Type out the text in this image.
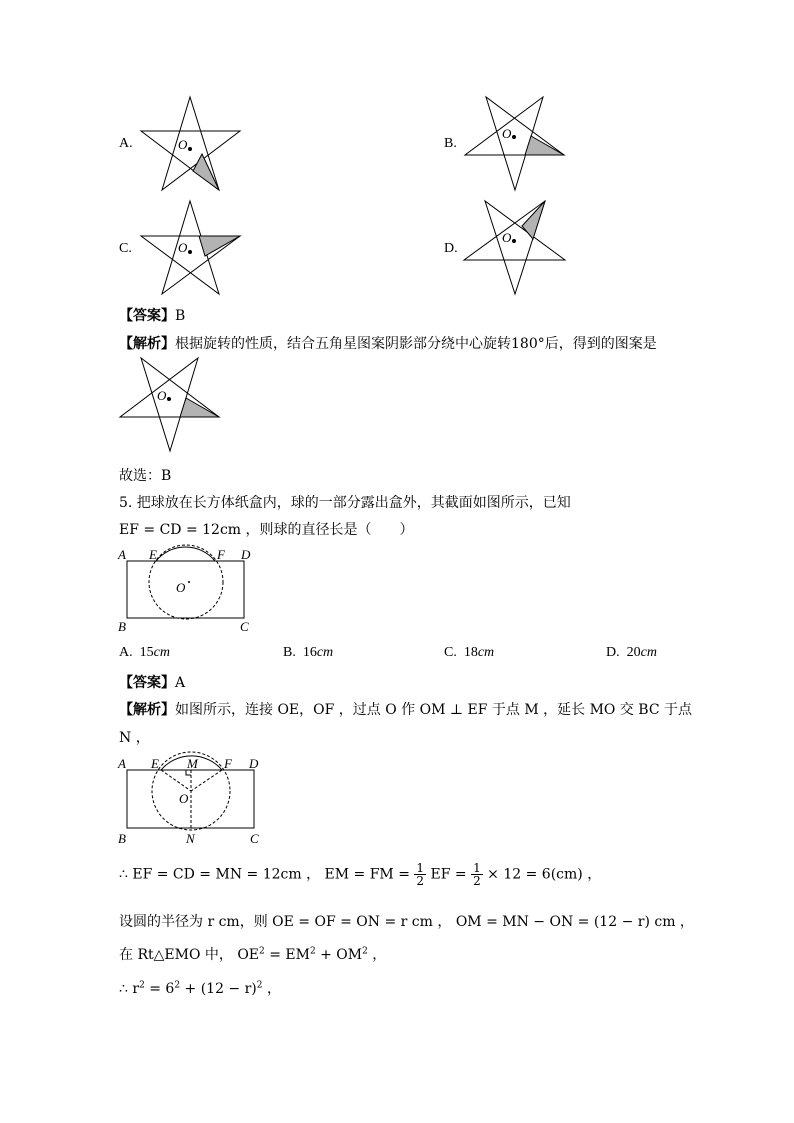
A.	O	B.
O
C.	O	D.
O
【答案】B
【解析】根据旋转的性质，结合五角星图案阴影部分绕中心旋转180°后，得到的图案是
O
故选：B
5. 把球放在长方体纸盒内，球的一部分露出盒外，其截面如图所示，已知
EF = CD = 12cm ，则球的直径长是（　　）
A E	F D
O
B	C
A. 15cm	B. 16cm	C. 18cm	D. 20cm
【答案】A
【解析】如图所示，连接 OE，OF ，过点 O 作 OM ⊥ EF 于点 M ，延长 MO 交 BC 于点
N ，
A E M F D
O
B	N	C
∴ EF = CD = MN = 12cm ， EM = FM = $\frac{1}{2}$ EF = $\frac{1}{2} \times 12 = 6(cm)$ ，
设圆的半径为 r cm，则 OE = OF = ON = r cm ， OM = MN − ON = (12 − r) cm ，
在 Rt△EMO 中， $OE^2 = EM^2 + OM^2$ ，
∴ $r^2 = 6^2 + (12 - r)^2$ ，
